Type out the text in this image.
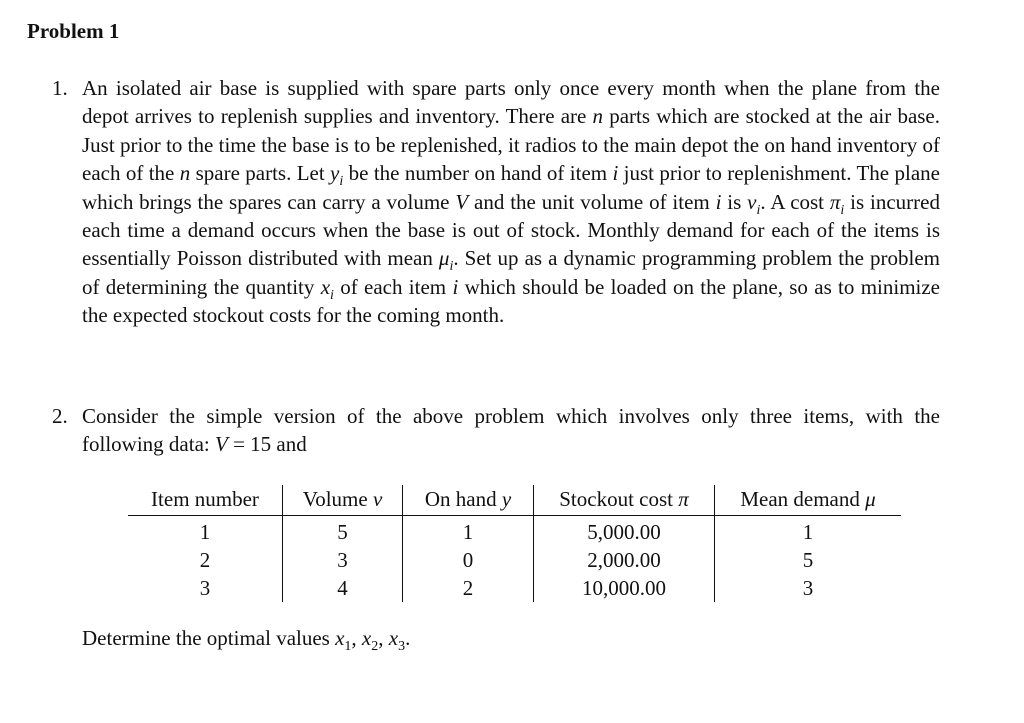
Problem 1
1. An isolated air base is supplied with spare parts only once every month when the plane from the depot arrives to replenish supplies and inventory. There are n parts which are stocked at the air base. Just prior to the time the base is to be replenished, it radios to the main depot the on hand inventory of each of the n spare parts. Let $y_i$ be the number on hand of item i just prior to replenishment. The plane which brings the spares can carry a volume V and the unit volume of item i is $v_i$. A cost $\pi_i$ is incurred each time a demand occurs when the base is out of stock. Monthly demand for each of the items is essentially Poisson distributed with mean $\mu_i$. Set up as a dynamic programming problem the problem of determining the quantity $x_i$ of each item i which should be loaded on the plane, so as to minimize the expected stockout costs for the coming month.
2. Consider the simple version of the above problem which involves only three items, with the following data: V = 15 and
Item number	Volume v	On hand y	Stockout cost π	Mean demand μ
1	5	1	5,000.00	1
2	3	0	2,000.00	5
3	4	2	10,000.00	3
Determine the optimal values $x_1$, $x_2$, $x_3$.
